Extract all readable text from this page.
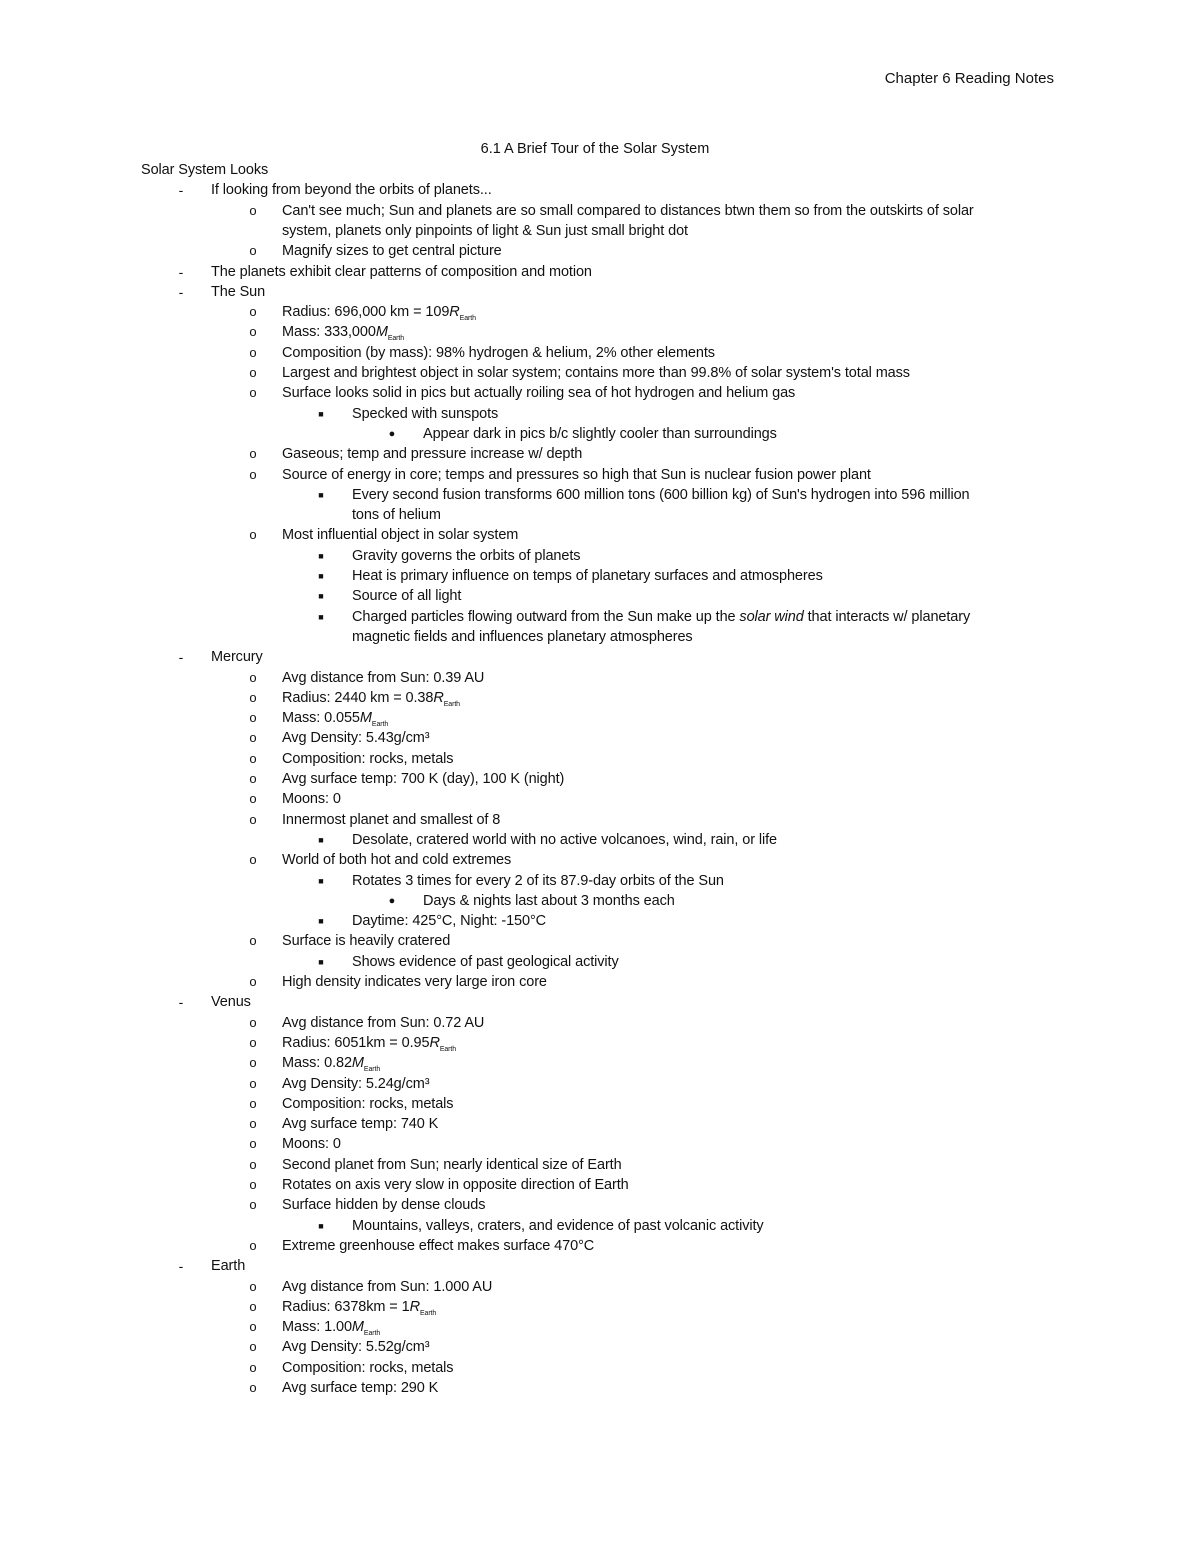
Chapter 6 Reading Notes
6.1 A Brief Tour of the Solar System
Solar System Looks
-	If looking from beyond the orbits of planets...
o Can't see much; Sun and planets are so small compared to distances btwn them so from the outskirts of solar
system, planets only pinpoints of light & Sun just small bright dot
o Magnify sizes to get central picture
-	The planets exhibit clear patterns of composition and motion
-	The Sun
o Radius: 696,000 km = $109R_{Earth}$
o Mass: $333,000M_{Earth}$
o Composition (by mass): 98% hydrogen & helium, 2% other elements
o Largest and brightest object in solar system; contains more than 99.8% of solar system's total mass
o Surface looks solid in pics but actually roiling sea of hot hydrogen and helium gas
■ Specked with sunspots
● Appear dark in pics b/c slightly cooler than surroundings
o Gaseous; temp and pressure increase w/ depth
o Source of energy in core; temps and pressures so high that Sun is nuclear fusion power plant
■ Every second fusion transforms 600 million tons (600 billion kg) of Sun's hydrogen into 596 million
tons of helium
o Most influential object in solar system
■ Gravity governs the orbits of planets
■ Heat is primary influence on temps of planetary surfaces and atmospheres
■ Source of all light
■ Charged particles flowing outward from the Sun make up the solar wind that interacts w/ planetary
magnetic fields and influences planetary atmospheres
-	Mercury
o Avg distance from Sun: 0.39 AU
o Radius: 2440 km = $0.38R_{Earth}$
o Mass: $0.055M_{Earth}$
o Avg Density: 5.43g/cm³
o Composition: rocks, metals
o Avg surface temp: 700 K (day), 100 K (night)
o Moons: 0
o Innermost planet and smallest of 8
■ Desolate, cratered world with no active volcanoes, wind, rain, or life
o World of both hot and cold extremes
■ Rotates 3 times for every 2 of its 87.9-day orbits of the Sun
● Days & nights last about 3 months each
■ Daytime: 425°C, Night: -150°C
o Surface is heavily cratered
■ Shows evidence of past geological activity
o High density indicates very large iron core
-	Venus
o Avg distance from Sun: 0.72 AU
o Radius: $6051km = 0.95R_{Earth}$
o Mass: $0.82M_{Earth}$
o Avg Density: 5.24g/cm³
o Composition: rocks, metals
o Avg surface temp: 740 K
o Moons: 0
o Second planet from Sun; nearly identical size of Earth
o Rotates on axis very slow in opposite direction of Earth
o Surface hidden by dense clouds
■ Mountains, valleys, craters, and evidence of past volcanic activity
o Extreme greenhouse effect makes surface 470°C
-	Earth
o Avg distance from Sun: 1.000 AU
o Radius: $6378km = 1R_{Earth}$
o Mass: $1.00M_{Earth}$
o Avg Density: 5.52g/cm³
o Composition: rocks, metals
o Avg surface temp: 290 K
